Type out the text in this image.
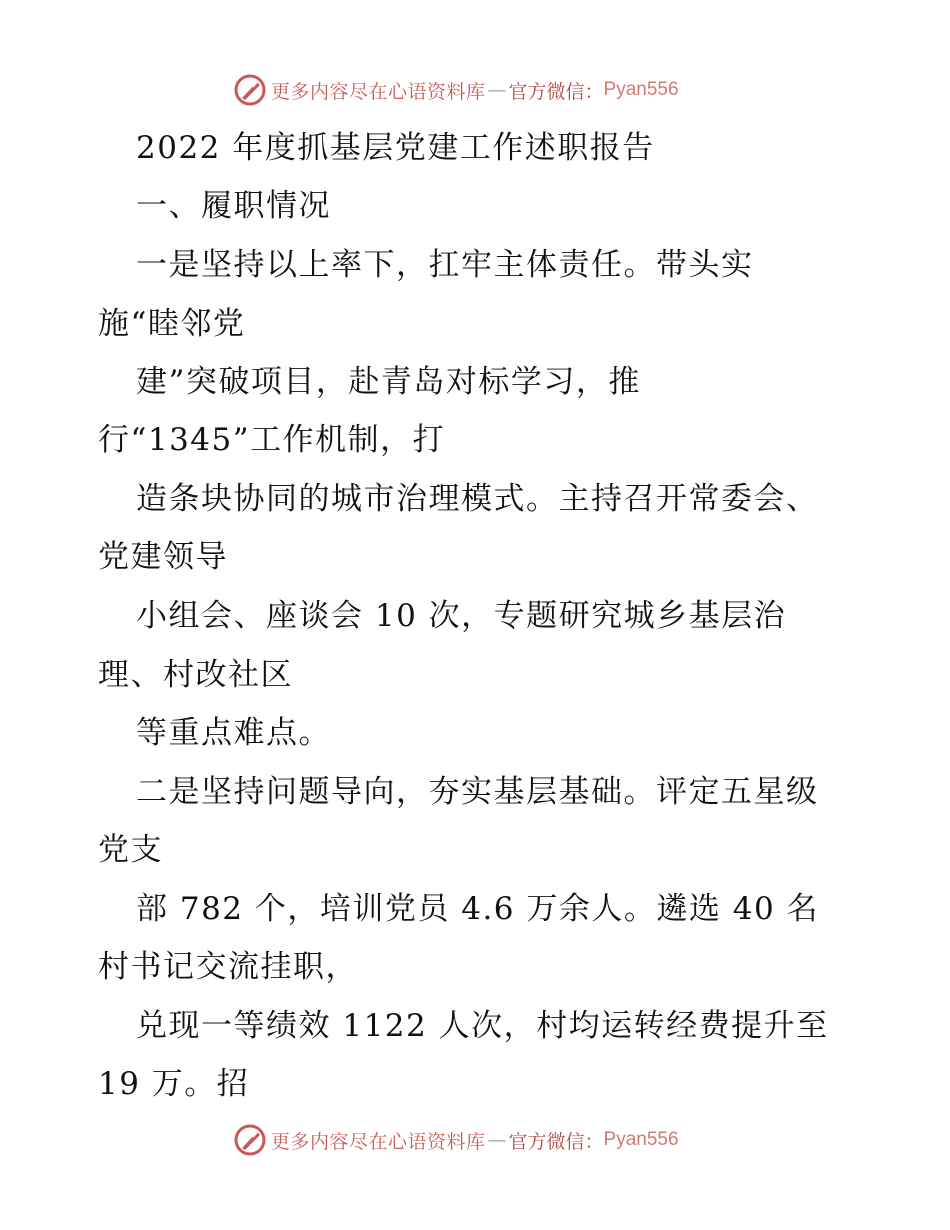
更多内容尽在心语资料库 — 官方微信： Pyan556
2022 年度抓基层党建工作述职报告
一、履职情况
一是坚持以上率下，扛牢主体责任。带头实
施“睦邻党
建”突破项目，赴青岛对标学习，推
行“1345”工作机制，打
造条块协同的城市治理模式。主持召开常委会、
党建领导
小组会、座谈会 10 次，专题研究城乡基层治
理、村改社区
等重点难点。
二是坚持问题导向，夯实基层基础。评定五星级
党支
部 782 个，培训党员 4.6 万余人。遴选 40 名
村书记交流挂职，
兑现一等绩效 1122 人次，村均运转经费提升至
19 万。招
更多内容尽在心语资料库 — 官方微信： Pyan556
